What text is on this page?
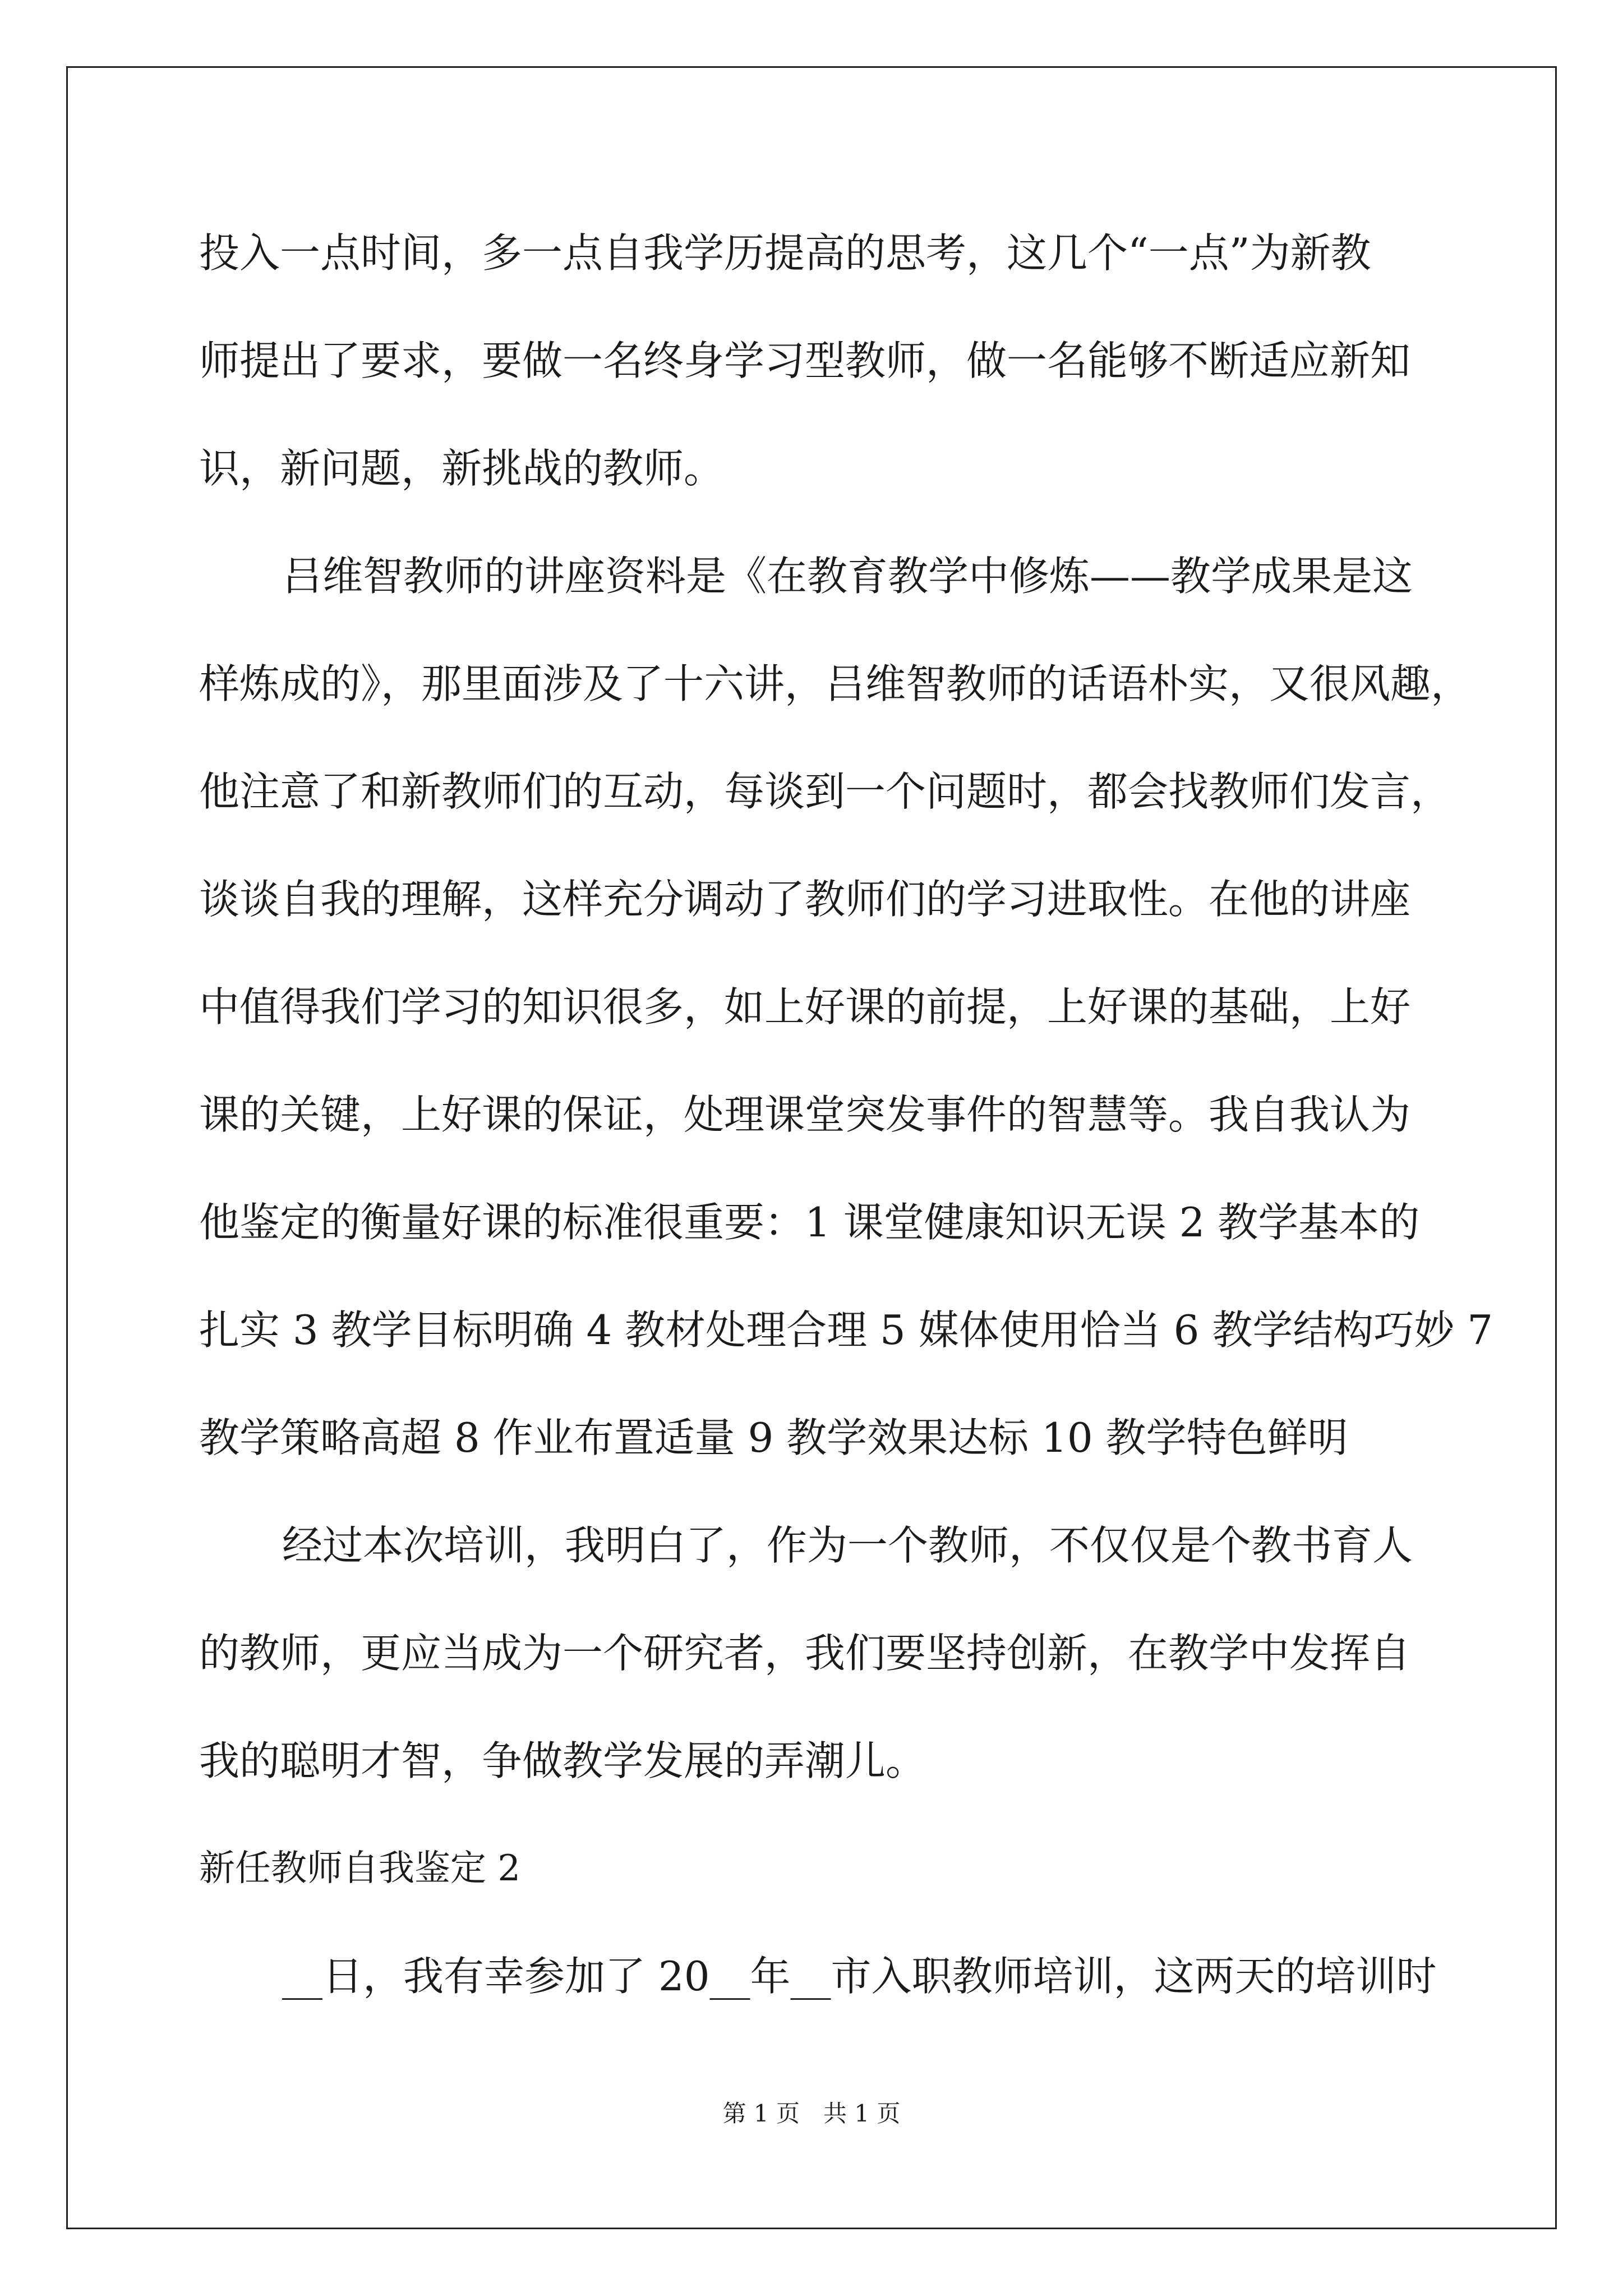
投入一点时间，多一点自我学历提高的思考，这几个“一点”为新教
师提出了要求，要做一名终身学习型教师，做一名能够不断适应新知
识，新问题，新挑战的教师。
吕维智教师的讲座资料是《在教育教学中修炼——教学成果是这
样炼成的》，那里面涉及了十六讲，吕维智教师的话语朴实，又很风趣，
他注意了和新教师们的互动，每谈到一个问题时，都会找教师们发言，
谈谈自我的理解，这样充分调动了教师们的学习进取性。在他的讲座
中值得我们学习的知识很多，如上好课的前提，上好课的基础，上好
课的关键，上好课的保证，处理课堂突发事件的智慧等。我自我认为
他鉴定的衡量好课的标准很重要：1 课堂健康知识无误 2 教学基本的
扎实 3 教学目标明确 4 教材处理合理 5 媒体使用恰当 6 教学结构巧妙 7
教学策略高超 8 作业布置适量 9 教学效果达标 10 教学特色鲜明
经过本次培训，我明白了，作为一个教师，不仅仅是个教书育人
的教师，更应当成为一个研究者，我们要坚持创新，在教学中发挥自
我的聪明才智，争做教学发展的弄潮儿。
新任教师自我鉴定 2
__日，我有幸参加了 20__年__市入职教师培训，这两天的培训时
第 1 页　共 1 页
